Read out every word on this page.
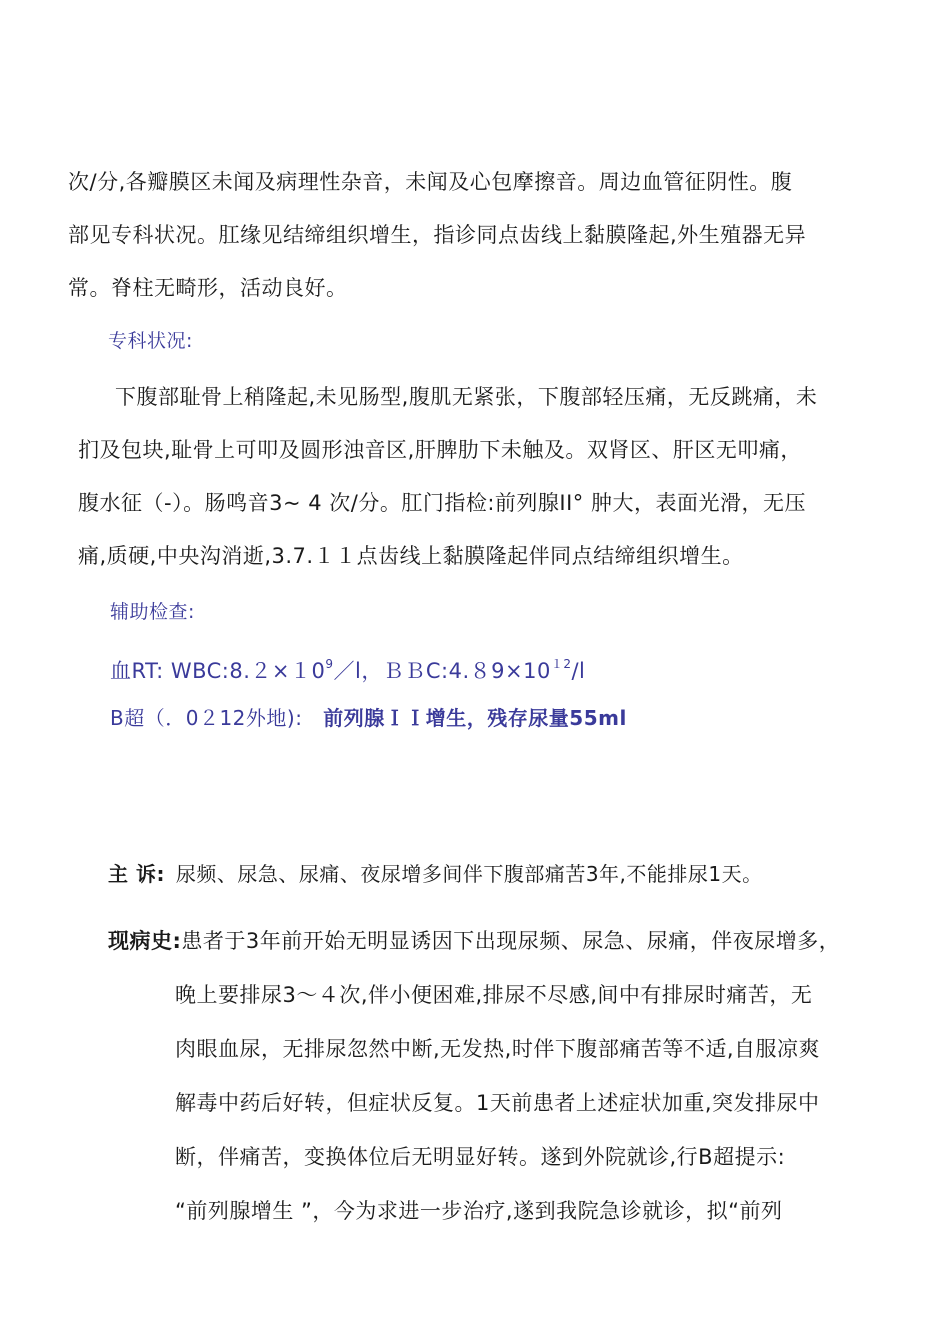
次/分,各瓣膜区未闻及病理性杂音，未闻及心包摩擦音。周边血管征阴性。腹
部见专科状况。肛缘见结缔组织增生，指诊同点齿线上黏膜隆起,外生殖器无异
常。脊柱无畸形，活动良好。
专科状况:
下腹部耻骨上稍隆起,未见肠型,腹肌无紧张，下腹部轻压痛，无反跳痛，未
扪及包块,耻骨上可叩及圆形浊音区,肝脾肋下未触及。双肾区、肝区无叩痛，
腹水征（-）。肠鸣音3~ 4 次/分。肛门指检:前列腺II° 肿大，表面光滑，无压
痛,质硬,中央沟消逝,3.7.１１点齿线上黏膜隆起伴同点结缔组织增生。
辅助检查:
血RT: $WBC:8.2\times 10^9/l$，$BBC:4.89\times 10^{12}/l$
B超（．0２12外地): 前列腺ＩＩ增生，残存尿量55ml
主 诉: 尿频、尿急、尿痛、夜尿增多间伴下腹部痛苦3年,不能排尿1天。
现病史:患者于3年前开始无明显诱因下出现尿频、尿急、尿痛，伴夜尿增多，
晚上要排尿3～４次,伴小便困难,排尿不尽感,间中有排尿时痛苦，无
肉眼血尿，无排尿忽然中断,无发热,时伴下腹部痛苦等不适,自服凉爽
解毒中药后好转，但症状反复。1天前患者上述症状加重,突发排尿中
断，伴痛苦，变换体位后无明显好转。遂到外院就诊,行B超提示:
“前列腺增生 ”，今为求进一步治疗,遂到我院急诊就诊，拟“前列
